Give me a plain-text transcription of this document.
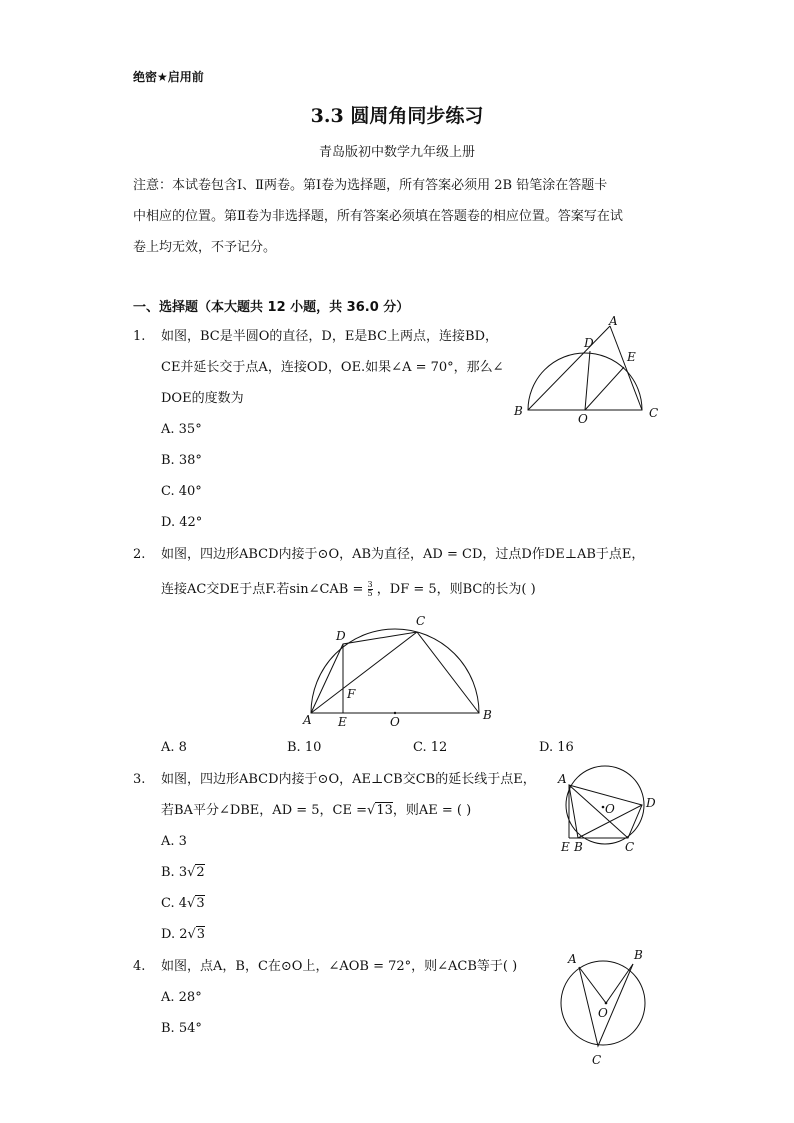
绝密★启用前
3.3 圆周角同步练习
青岛版初中数学九年级上册
注意：本试卷包含Ⅰ、Ⅱ两卷。第Ⅰ卷为选择题，所有答案必须用 2B 铅笔涂在答题卡
中相应的位置。第Ⅱ卷为非选择题，所有答案必须填在答题卷的相应位置。答案写在试
卷上均无效，不予记分。
一、选择题（本大题共 12 小题，共 36.0 分）
1. 如图，BC是半圆O的直径，D，E是BC上两点，连接BD，
CE并延长交于点A，连接OD，OE.如果∠A = 70°，那么∠
DOE的度数为
A. 35°
B. 38°
C. 40°
D. 42°
A
D
E
B
O	C
2. 如图，四边形ABCD内接于⊙O，AB为直径，AD = CD，过点D作DE⊥AB于点E，
连接AC交DE于点F.若sin∠CAB = $\frac{3}{5}$ ，DF = 5，则BC的长为( )
D
C
F
A E	O	B
A. 8	B. 10	C. 12	D. 16
3. 如图，四边形ABCD内接于⊙O，AE⊥CB交CB的延长线于点E，
若BA平分∠DBE，AD = 5，CE =√13，则AE = ( )
A. 3
B. 3√2
C. 4√3
D. 2√3
A
O	D
E B	C
4. 如图，点A，B，C在⊙O上，∠AOB = 72°，则∠ACB等于( )
A. 28°
B. 54°
A	B
O
C
